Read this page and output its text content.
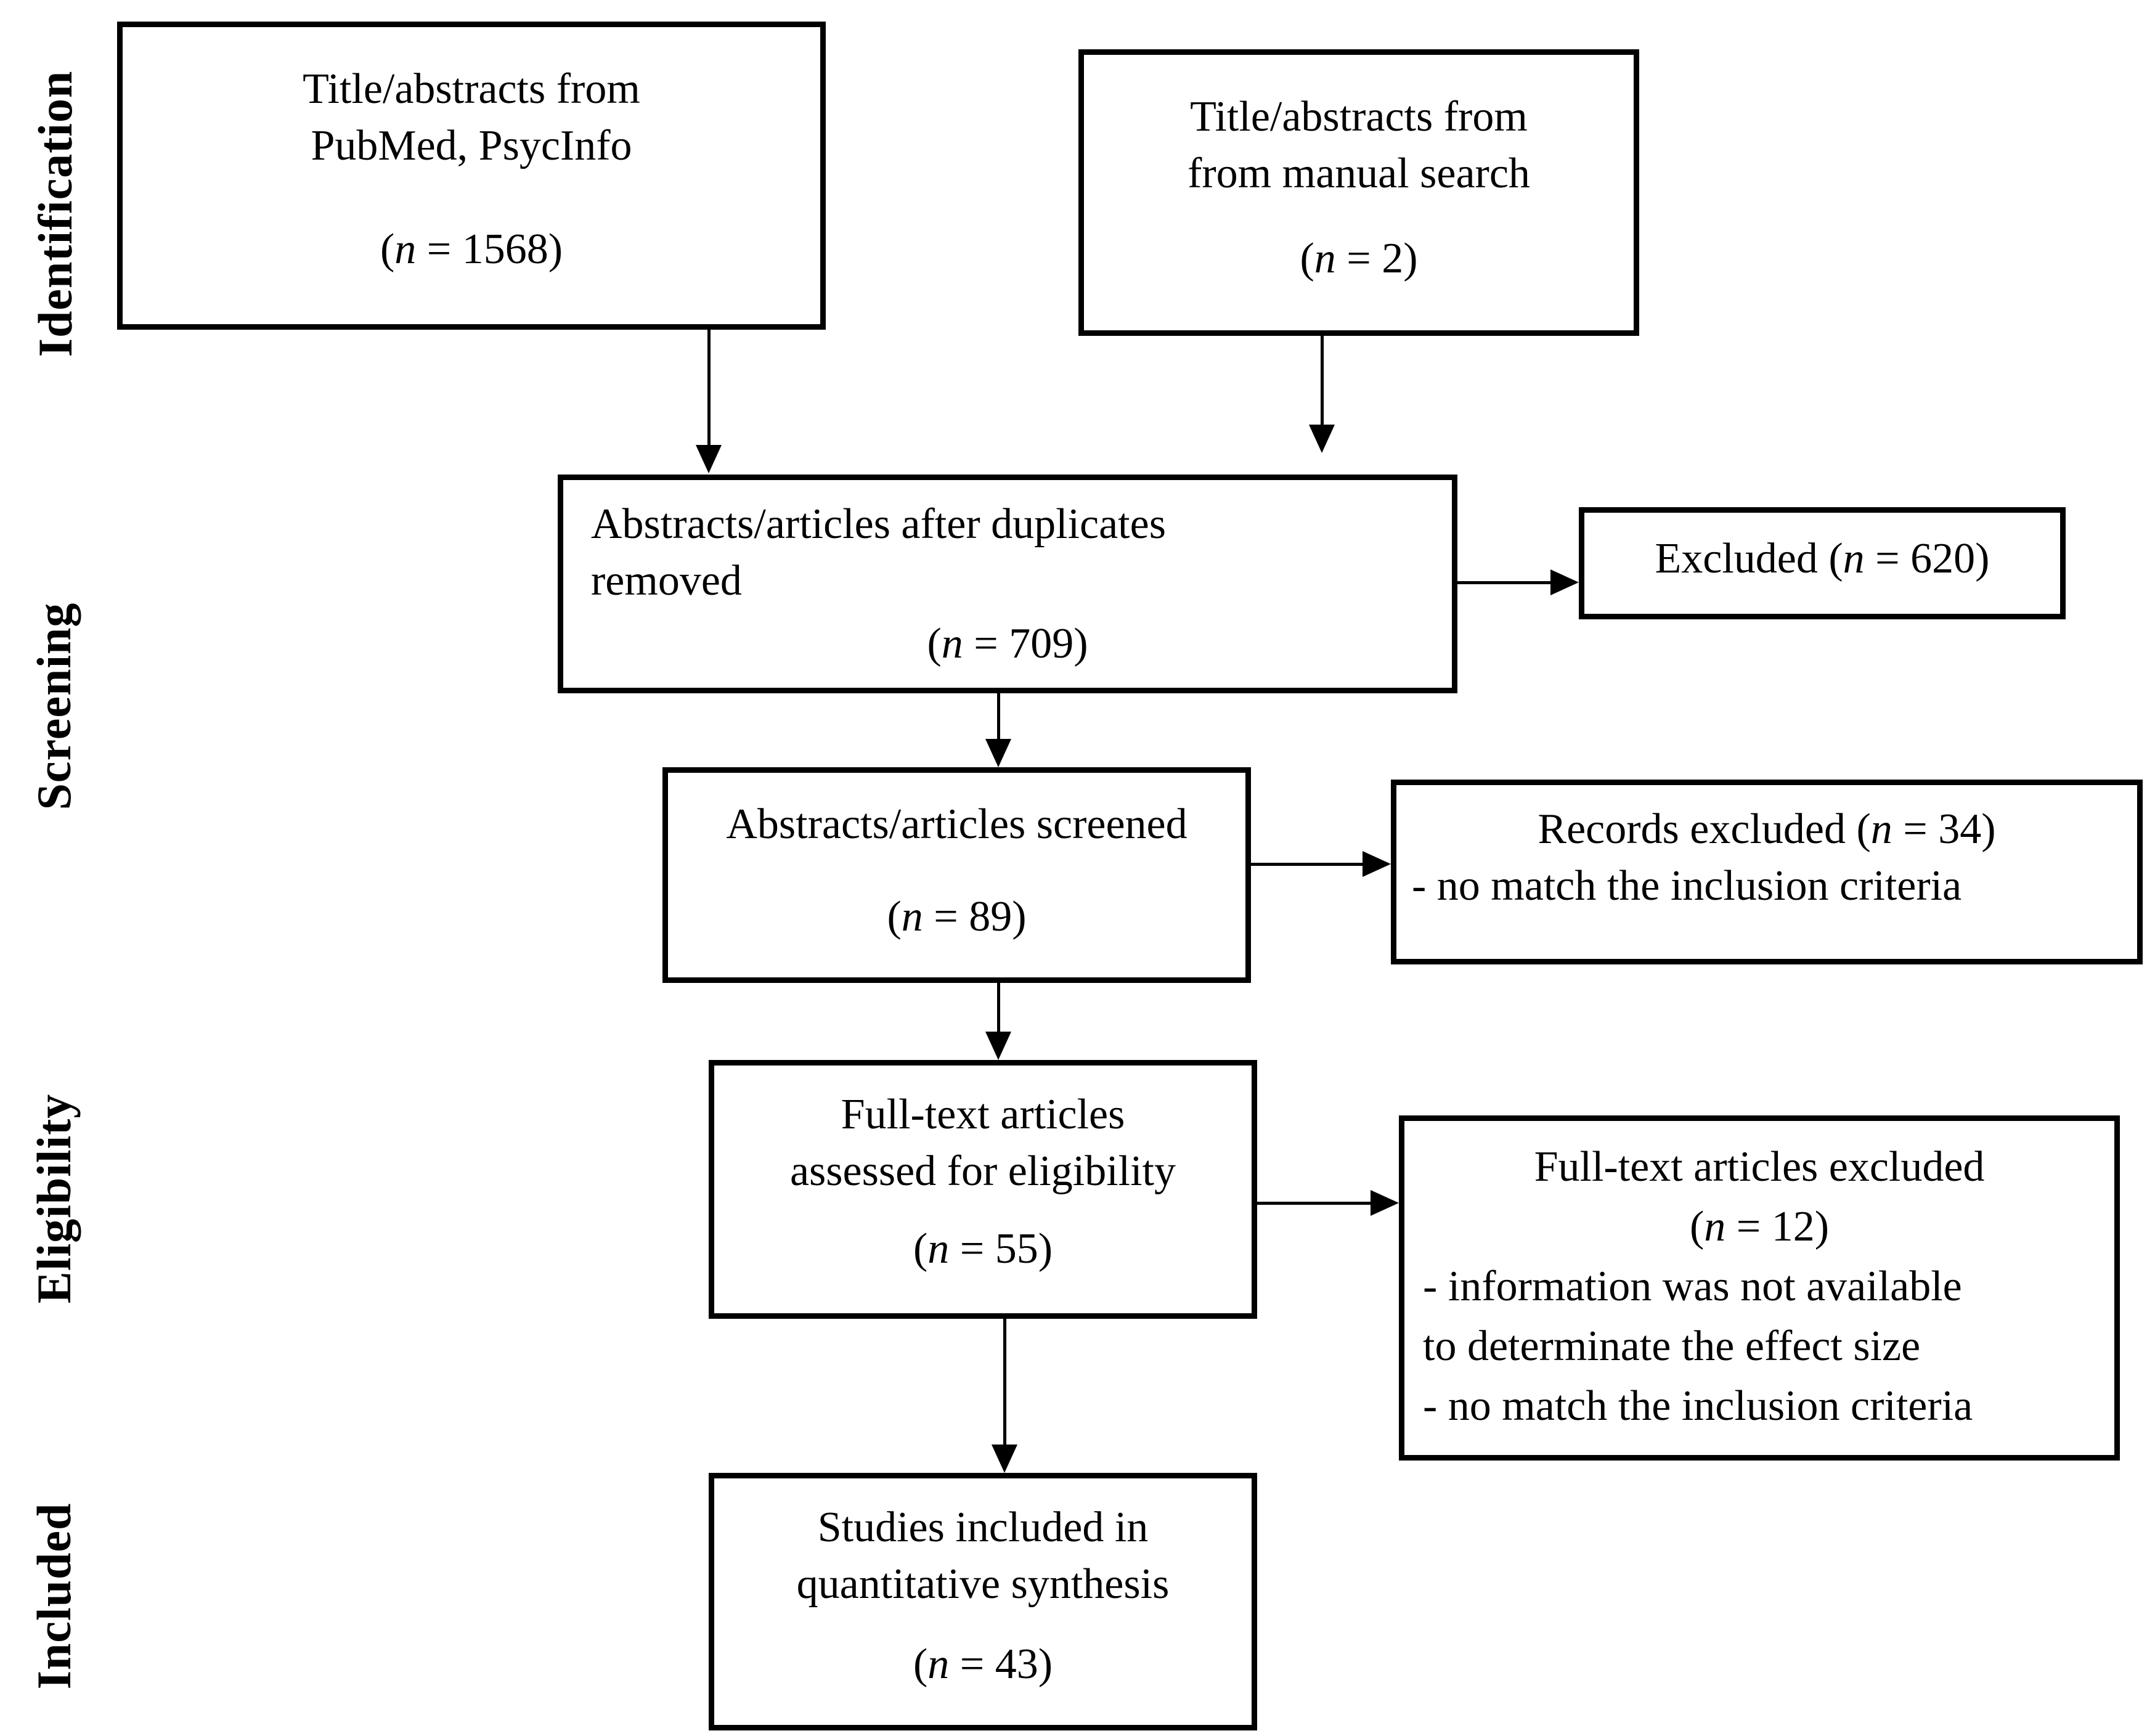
Identification
Screening
Eligibility
Included
Title/abstracts from
PubMed, PsycInfo
(n = 1568)
Title/abstracts from
from manual search
(n = 2)
Abstracts/articles after duplicates
removed
(n = 709)
Excluded (n = 620)
Abstracts/articles screened
(n = 89)
Records excluded (n = 34)
- no match the inclusion criteria
Full-text articles
assessed for eligibility
(n = 55)
Full-text articles excluded
(n = 12)
- information was not available
to determinate the effect size
- no match the inclusion criteria
Studies included in
quantitative synthesis
(n = 43)
